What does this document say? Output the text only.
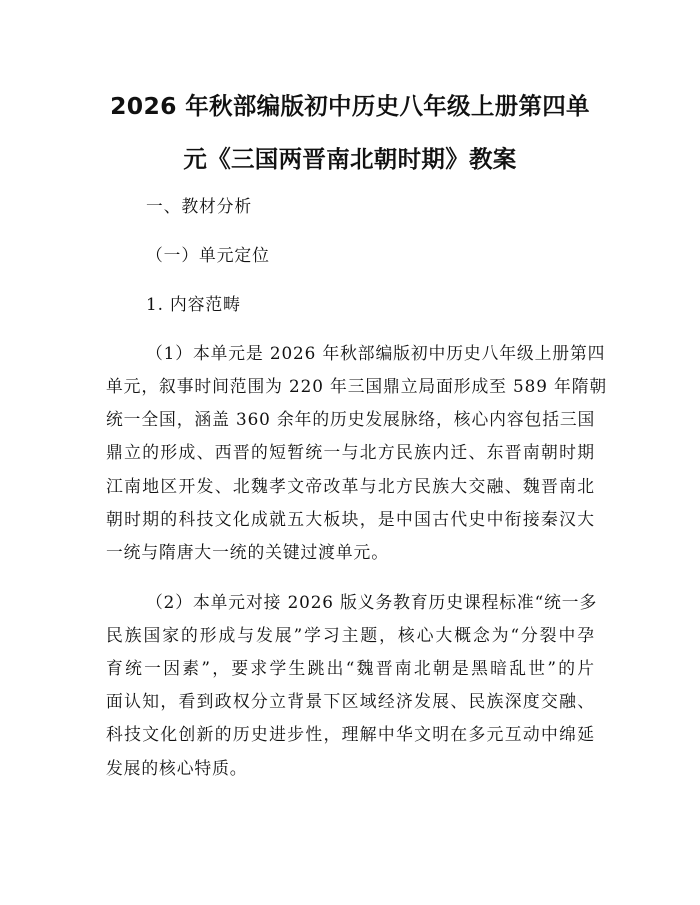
2026 年秋部编版初中历史八年级上册第四单
元《三国两晋南北朝时期》教案
一、教材分析
（一）单元定位
1. 内容范畴
（1）本单元是 2026 年秋部编版初中历史八年级上册第四
单元，叙事时间范围为 220 年三国鼎立局面形成至 589 年隋朝
统一全国，涵盖 360 余年的历史发展脉络，核心内容包括三国
鼎立的形成、西晋的短暂统一与北方民族内迁、东晋南朝时期
江南地区开发、北魏孝文帝改革与北方民族大交融、魏晋南北
朝时期的科技文化成就五大板块，是中国古代史中衔接秦汉大
一统与隋唐大一统的关键过渡单元。
（2）本单元对接 2026 版义务教育历史课程标准“统一多
民族国家的形成与发展”学习主题，核心大概念为“分裂中孕
育统一因素”，要求学生跳出“魏晋南北朝是黑暗乱世”的片
面认知，看到政权分立背景下区域经济发展、民族深度交融、
科技文化创新的历史进步性，理解中华文明在多元互动中绵延
发展的核心特质。
